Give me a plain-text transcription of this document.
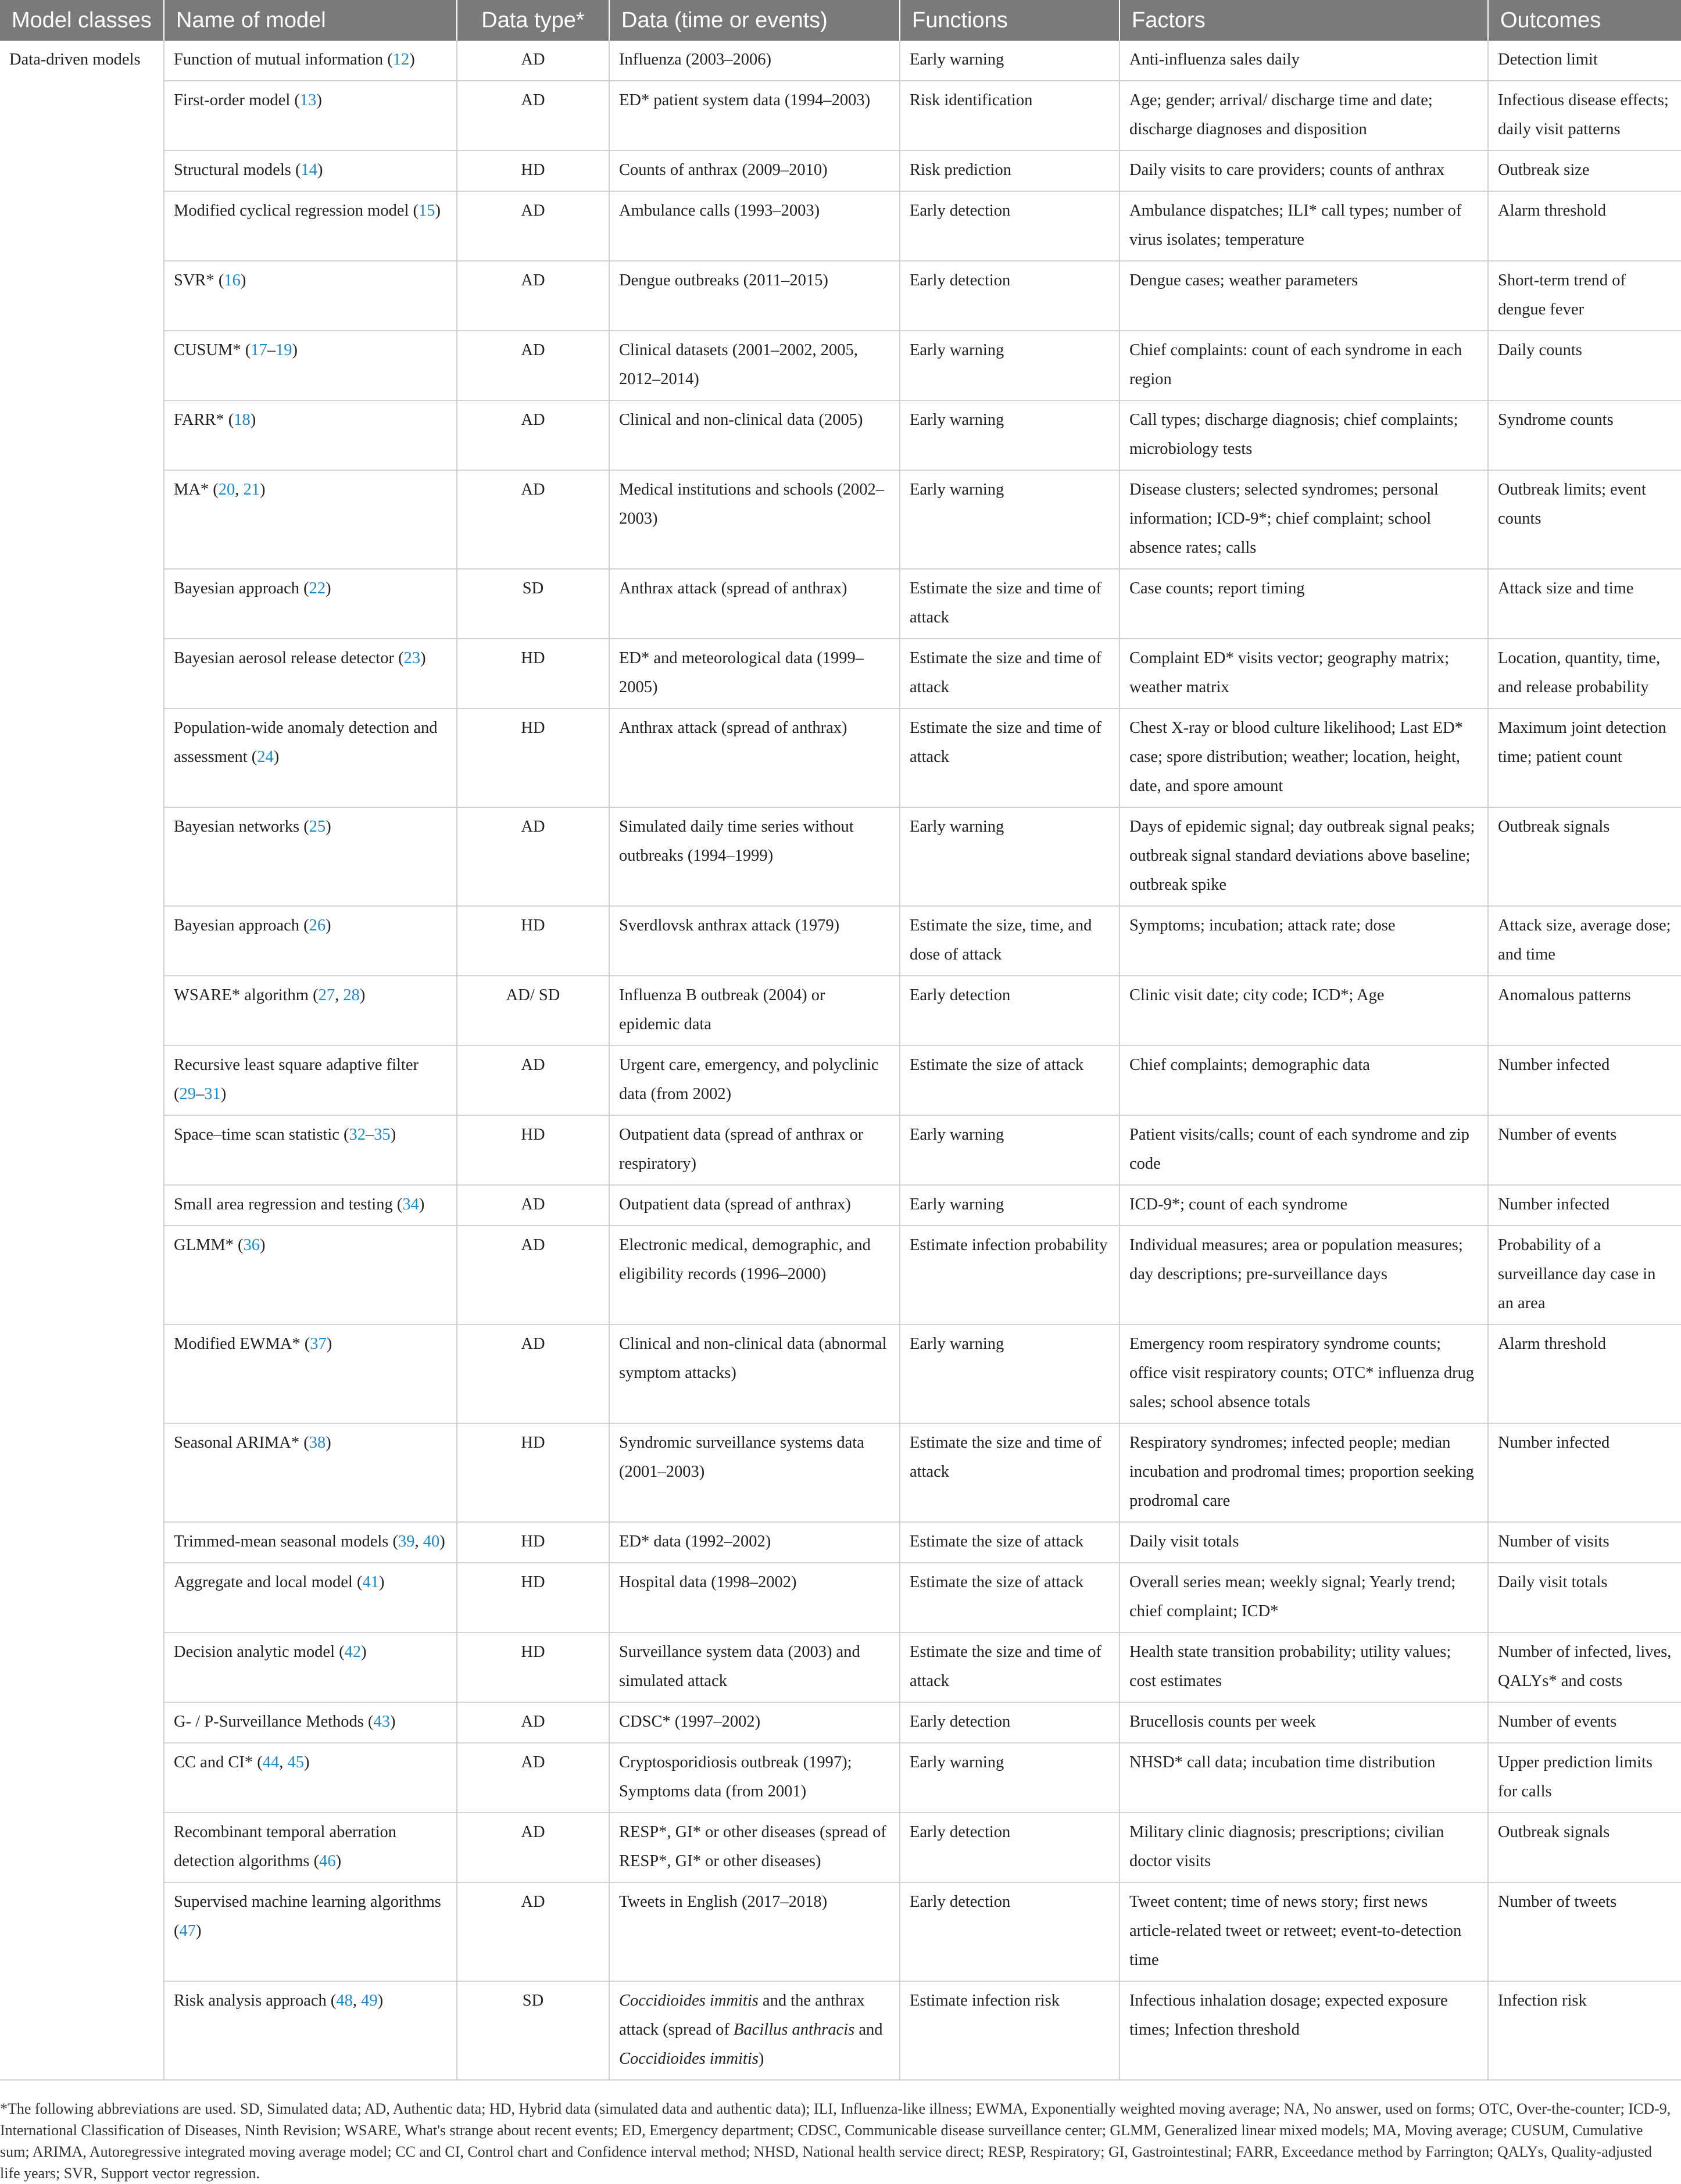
Model classes	Name of model	Data type*	Data (time or events)	Functions	Factors	Outcomes
Data-driven models	Function of mutual information (12)	AD	Influenza (2003–2006)	Early warning	Anti-influenza sales daily	Detection limit
	First-order model (13)	AD	ED* patient system data (1994–2003)	Risk identification	Age; gender; arrival/ discharge time and date; discharge diagnoses and disposition	Infectious disease effects; daily visit patterns
	Structural models (14)	HD	Counts of anthrax (2009–2010)	Risk prediction	Daily visits to care providers; counts of anthrax	Outbreak size
	Modified cyclical regression model (15)	AD	Ambulance calls (1993–2003)	Early detection	Ambulance dispatches; ILI* call types; number of virus isolates; temperature	Alarm threshold
	SVR* (16)	AD	Dengue outbreaks (2011–2015)	Early detection	Dengue cases; weather parameters	Short-term trend of dengue fever
	CUSUM* (17–19)	AD	Clinical datasets (2001–2002, 2005, 2012–2014)	Early warning	Chief complaints: count of each syndrome in each region	Daily counts
	FARR* (18)	AD	Clinical and non-clinical data (2005)	Early warning	Call types; discharge diagnosis; chief complaints; microbiology tests	Syndrome counts
	MA* (20, 21)	AD	Medical institutions and schools (2002–2003)	Early warning	Disease clusters; selected syndromes; personal information; ICD-9*; chief complaint; school absence rates; calls	Outbreak limits; event counts
	Bayesian approach (22)	SD	Anthrax attack (spread of anthrax)	Estimate the size and time of attack	Case counts; report timing	Attack size and time
	Bayesian aerosol release detector (23)	HD	ED* and meteorological data (1999–2005)	Estimate the size and time of attack	Complaint ED* visits vector; geography matrix; weather matrix	Location, quantity, time, and release probability
	Population-wide anomaly detection and assessment (24)	HD	Anthrax attack (spread of anthrax)	Estimate the size and time of attack	Chest X-ray or blood culture likelihood; Last ED* case; spore distribution; weather; location, height, date, and spore amount	Maximum joint detection time; patient count
	Bayesian networks (25)	AD	Simulated daily time series without outbreaks (1994–1999)	Early warning	Days of epidemic signal; day outbreak signal peaks; outbreak signal standard deviations above baseline; outbreak spike	Outbreak signals
	Bayesian approach (26)	HD	Sverdlovsk anthrax attack (1979)	Estimate the size, time, and dose of attack	Symptoms; incubation; attack rate; dose	Attack size, average dose; and time
	WSARE* algorithm (27, 28)	AD/ SD	Influenza B outbreak (2004) or epidemic data	Early detection	Clinic visit date; city code; ICD*; Age	Anomalous patterns
	Recursive least square adaptive filter (29–31)	AD	Urgent care, emergency, and polyclinic data (from 2002)	Estimate the size of attack	Chief complaints; demographic data	Number infected
	Space–time scan statistic (32–35)	HD	Outpatient data (spread of anthrax or respiratory)	Early warning	Patient visits/calls; count of each syndrome and zip code	Number of events
	Small area regression and testing (34)	AD	Outpatient data (spread of anthrax)	Early warning	ICD-9*; count of each syndrome	Number infected
	GLMM* (36)	AD	Electronic medical, demographic, and eligibility records (1996–2000)	Estimate infection probability	Individual measures; area or population measures; day descriptions; pre-surveillance days	Probability of a surveillance day case in an area
	Modified EWMA* (37)	AD	Clinical and non-clinical data (abnormal symptom attacks)	Early warning	Emergency room respiratory syndrome counts; office visit respiratory counts; OTC* influenza drug sales; school absence totals	Alarm threshold
	Seasonal ARIMA* (38)	HD	Syndromic surveillance systems data (2001–2003)	Estimate the size and time of attack	Respiratory syndromes; infected people; median incubation and prodromal times; proportion seeking prodromal care	Number infected
	Trimmed-mean seasonal models (39, 40)	HD	ED* data (1992–2002)	Estimate the size of attack	Daily visit totals	Number of visits
	Aggregate and local model (41)	HD	Hospital data (1998–2002)	Estimate the size of attack	Overall series mean; weekly signal; Yearly trend; chief complaint; ICD*	Daily visit totals
	Decision analytic model (42)	HD	Surveillance system data (2003) and simulated attack	Estimate the size and time of attack	Health state transition probability; utility values; cost estimates	Number of infected, lives, QALYs* and costs
	G- / P-Surveillance Methods (43)	AD	CDSC* (1997–2002)	Early detection	Brucellosis counts per week	Number of events
	CC and CI* (44, 45)	AD	Cryptosporidiosis outbreak (1997); Symptoms data (from 2001)	Early warning	NHSD* call data; incubation time distribution	Upper prediction limits for calls
	Recombinant temporal aberration detection algorithms (46)	AD	RESP*, GI* or other diseases (spread of RESP*, GI* or other diseases)	Early detection	Military clinic diagnosis; prescriptions; civilian doctor visits	Outbreak signals
	Supervised machine learning algorithms (47)	AD	Tweets in English (2017–2018)	Early detection	Tweet content; time of news story; first news article-related tweet or retweet; event-to-detection time	Number of tweets
	Risk analysis approach (48, 49)	SD	Coccidioides immitis and the anthrax attack (spread of Bacillus anthracis and Coccidioides immitis)	Estimate infection risk	Infectious inhalation dosage; expected exposure times; Infection threshold	Infection risk
*The following abbreviations are used. SD, Simulated data; AD, Authentic data; HD, Hybrid data (simulated data and authentic data); ILI, Influenza-like illness; EWMA, Exponentially weighted moving average; NA, No answer, used on forms; OTC, Over-the-counter; ICD-9, International Classification of Diseases, Ninth Revision; WSARE, What's strange about recent events; ED, Emergency department; CDSC, Communicable disease surveillance center; GLMM, Generalized linear mixed models; MA, Moving average; CUSUM, Cumulative sum; ARIMA, Autoregressive integrated moving average model; CC and CI, Control chart and Confidence interval method; NHSD, National health service direct; RESP, Respiratory; GI, Gastrointestinal; FARR, Exceedance method by Farrington; QALYs, Quality-adjusted life years; SVR, Support vector regression.
